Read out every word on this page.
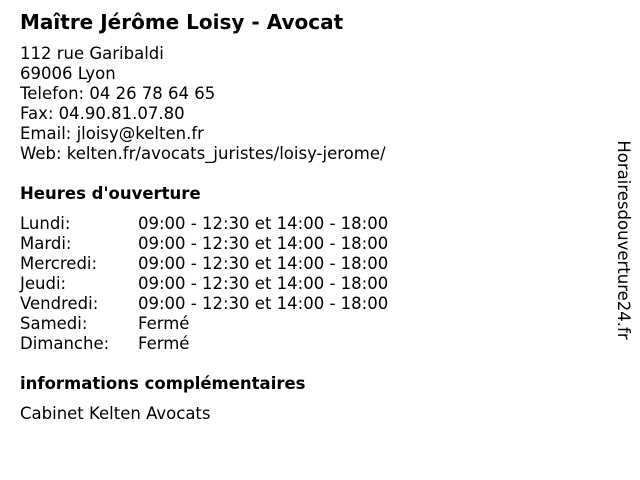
Maître Jérôme Loisy - Avocat
112 rue Garibaldi
69006 Lyon
Telefon: 04 26 78 64 65
Fax: 04.90.81.07.80
Email: jloisy@kelten.fr
Web: kelten.fr/avocats_juristes/loisy-jerome/
Heures d'ouverture
Lundi:	09:00 - 12:30 et 14:00 - 18:00
Mardi:	09:00 - 12:30 et 14:00 - 18:00
Mercredi: 09:00 - 12:30 et 14:00 - 18:00
Jeudi:	09:00 - 12:30 et 14:00 - 18:00
Vendredi: 09:00 - 12:30 et 14:00 - 18:00
Samedi:	Fermé
Dimanche: Fermé
informations complémentaires
Cabinet Kelten Avocats
Horairesdouverture24.fr
